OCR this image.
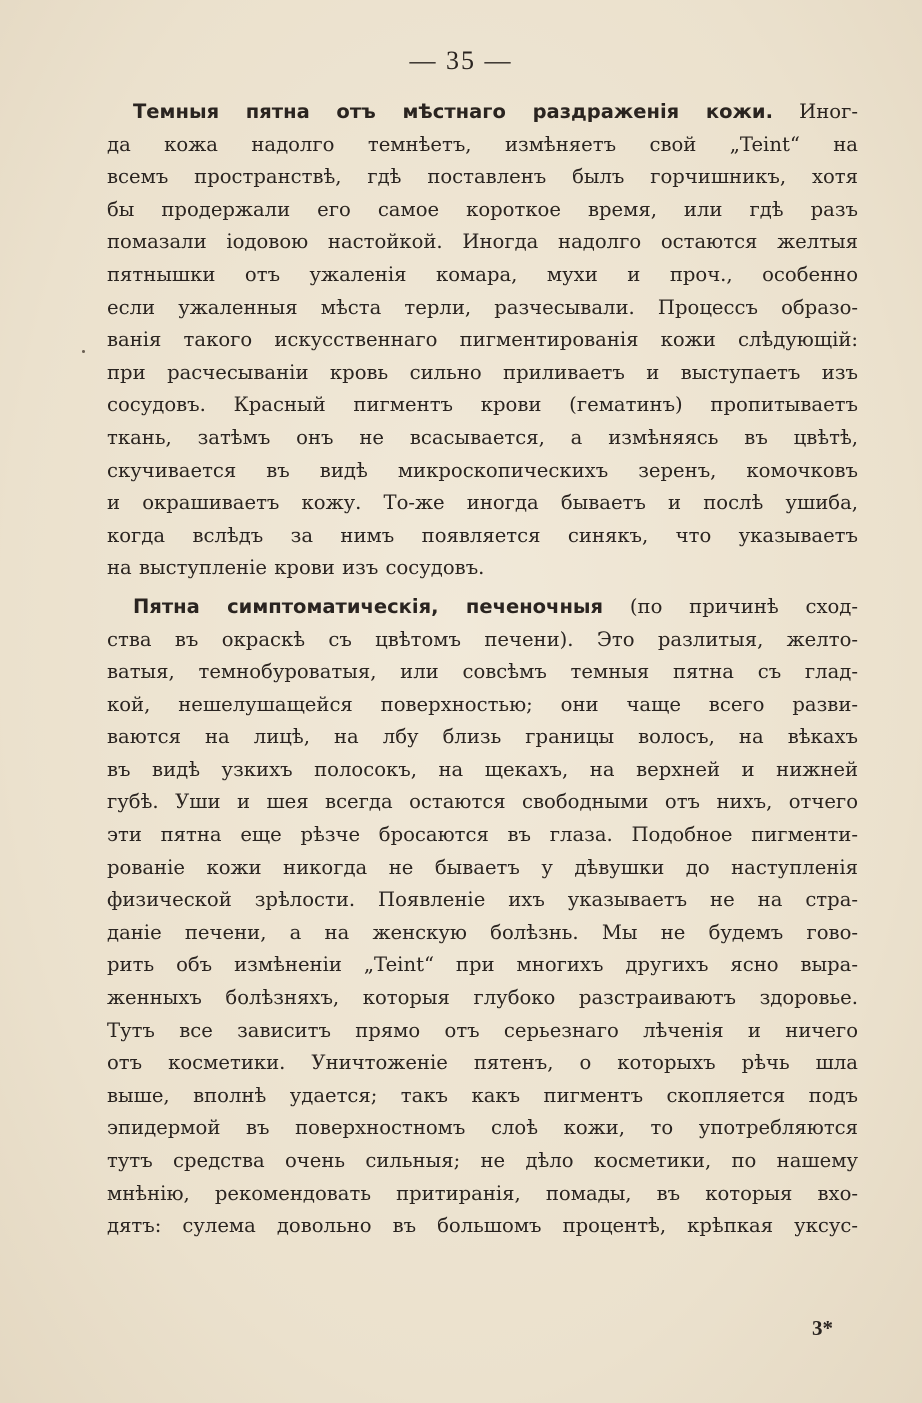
— 35 —
Темныя пятна отъ мѣстнаго раздраженія кожи. Иног-
да кожа надолго темнѣетъ, измѣняетъ свой „Teint“ на
всемъ пространствѣ, гдѣ поставленъ былъ горчишникъ, хотя
бы продержали его самое короткое время, или гдѣ разъ
помазали іодовою настойкой. Иногда надолго остаются желтыя
пятнышки отъ ужаленія комара, мухи и проч., особенно
если ужаленныя мѣста терли, разчесывали. Процессъ образо-
ванія такого искусственнаго пигментированія кожи слѣдующій:
при расчесываніи кровь сильно приливаетъ и выступаетъ изъ
сосудовъ. Красный пигментъ крови (гематинъ) пропитываетъ
ткань, затѣмъ онъ не всасывается, а измѣняясь въ цвѣтѣ,
скучивается въ видѣ микроскопическихъ зеренъ, комочковъ
и окрашиваетъ кожу. То-же иногда бываетъ и послѣ ушиба,
когда вслѣдъ за нимъ появляется синякъ, что указываетъ
на выступленіе крови изъ сосудовъ.
Пятна симптоматическія, печеночныя (по причинѣ сход-
ства въ окраскѣ съ цвѣтомъ печени). Это разлитыя, желто-
ватыя, темнобуроватыя, или совсѣмъ темныя пятна съ глад-
кой, нешелушащейся поверхностью; они чаще всего разви-
ваются на лицѣ, на лбу близь границы волосъ, на вѣкахъ
въ видѣ узкихъ полосокъ, на щекахъ, на верхней и нижней
губѣ. Уши и шея всегда остаются свободными отъ нихъ, отчего
эти пятна еще рѣзче бросаются въ глаза. Подобное пигменти-
рованіе кожи никогда не бываетъ у дѣвушки до наступленія
физической зрѣлости. Появленіе ихъ указываетъ не на стра-
даніе печени, а на женскую болѣзнь. Мы не будемъ гово-
рить объ измѣненіи „Teint“ при многихъ другихъ ясно выра-
женныхъ болѣзняхъ, которыя глубоко разстраиваютъ здоровье.
Тутъ все зависитъ прямо отъ серьезнаго лѣченія и ничего
отъ косметики. Уничтоженіе пятенъ, о которыхъ рѣчь шла
выше, вполнѣ удается; такъ какъ пигментъ скопляется подъ
эпидермой въ поверхностномъ слоѣ кожи, то употребляются
тутъ средства очень сильныя; не дѣло косметики, по нашему
мнѣнію, рекомендовать притиранія, помады, въ которыя вхо-
дятъ: сулема довольно въ большомъ процентѣ, крѣпкая уксус-
3*
